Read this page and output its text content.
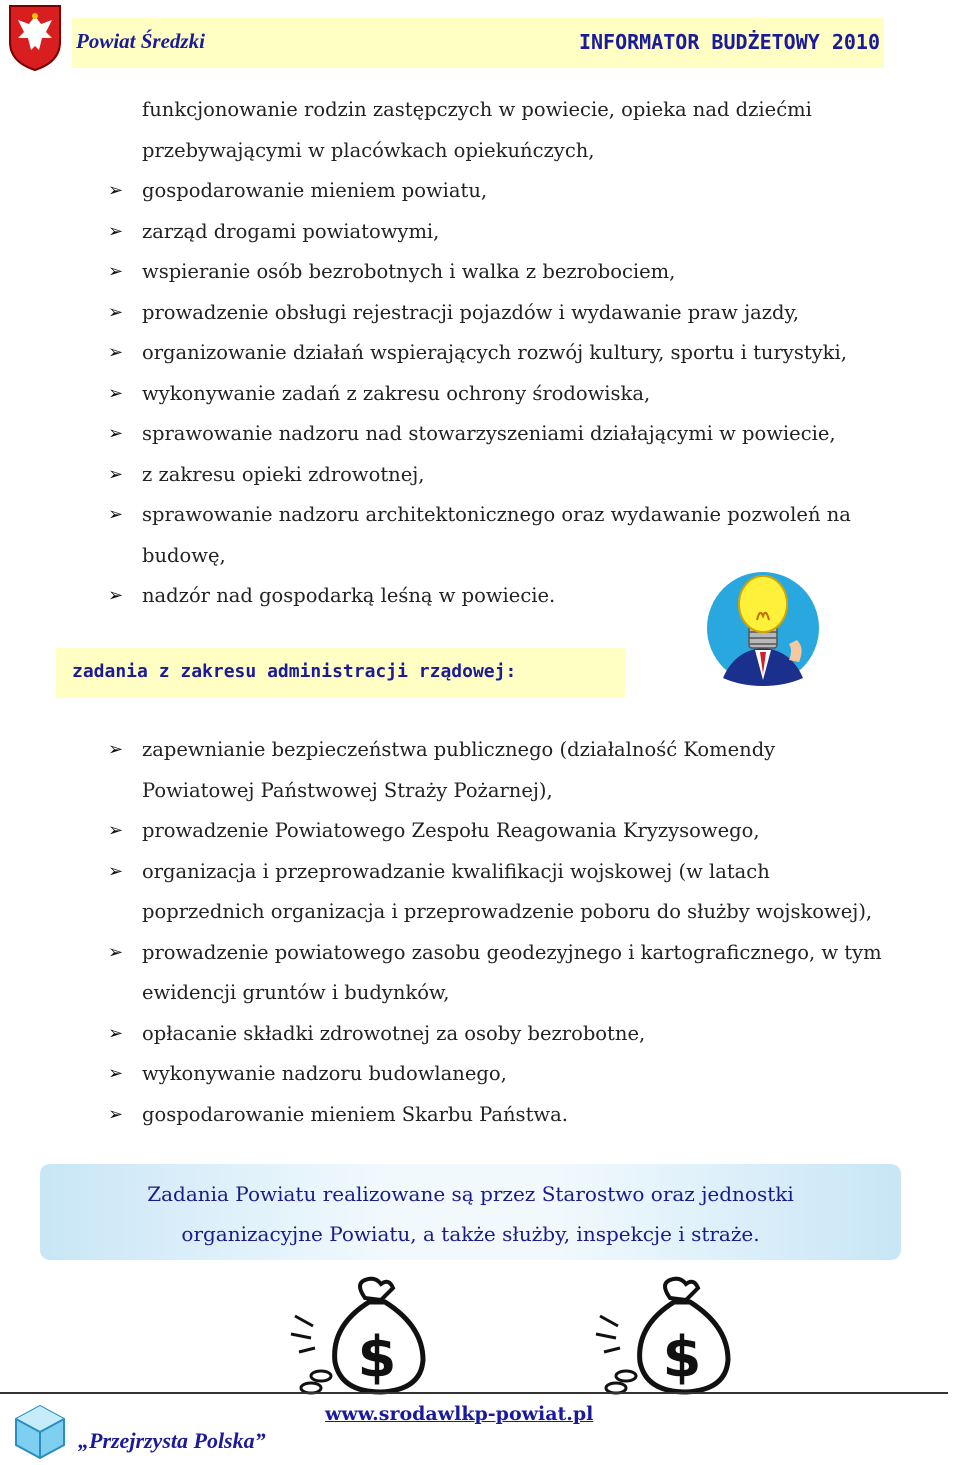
Powiat Średzki	INFORMATOR BUDŻETOWY 2010
funkcjonowanie rodzin zastępczych w powiecie, opieka nad dziećmi
przebywającymi w placówkach opiekuńczych,
➢ gospodarowanie mieniem powiatu,
➢ zarząd drogami powiatowymi,
➢ wspieranie osób bezrobotnych i walka z bezrobociem,
➢ prowadzenie obsługi rejestracji pojazdów i wydawanie praw jazdy,
➢ organizowanie działań wspierających rozwój kultury, sportu i turystyki,
➢ wykonywanie zadań z zakresu ochrony środowiska,
➢ sprawowanie nadzoru nad stowarzyszeniami działającymi w powiecie,
➢ z zakresu opieki zdrowotnej,
➢ sprawowanie nadzoru architektonicznego oraz wydawanie pozwoleń na
budowę,
➢ nadzór nad gospodarką leśną w powiecie.
zadania z zakresu administracji rządowej:
➢ zapewnianie bezpieczeństwa publicznego (działalność Komendy
Powiatowej Państwowej Straży Pożarnej),
➢ prowadzenie Powiatowego Zespołu Reagowania Kryzysowego,
➢ organizacja i przeprowadzanie kwalifikacji wojskowej (w latach
poprzednich organizacja i przeprowadzenie poboru do służby wojskowej),
➢ prowadzenie powiatowego zasobu geodezyjnego i kartograficznego, w tym
ewidencji gruntów i budynków,
➢ opłacanie składki zdrowotnej za osoby bezrobotne,
➢ wykonywanie nadzoru budowlanego,
➢ gospodarowanie mieniem Skarbu Państwa.
Zadania Powiatu realizowane są przez Starostwo oraz jednostki
organizacyjne Powiatu, a także służby, inspekcje i straże.
$	$
„Przejrzysta Polska”
www.srodawlkp-powiat.pl
